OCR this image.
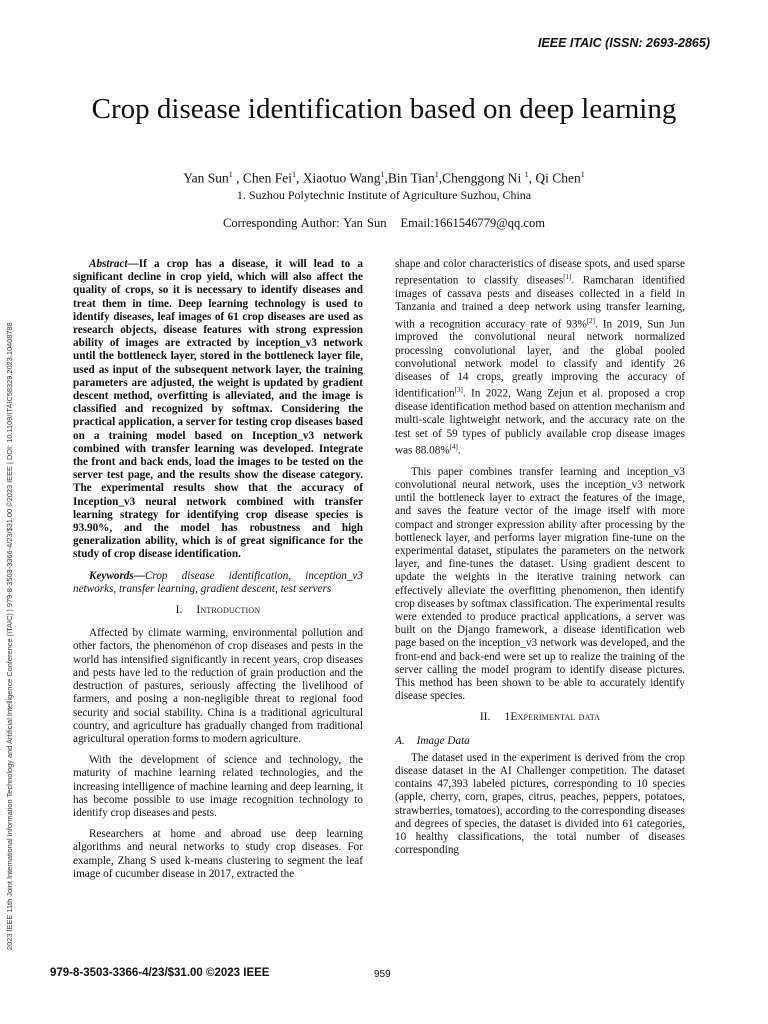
IEEE ITAIC (ISSN: 2693-2865)
Crop disease identification based on deep learning
Yan Sun$^1$ , Chen Fei$^1$, Xiaotuo Wang$^1$,Bin Tian$^1$,Chenggong Ni $^1$, Qi Chen$^1$
1. Suzhou Polytechnic Institute of Agriculture Suzhou, China
Corresponding Author: Yan Sun Email:1661546779@qq.com
2023 IEEE 11th Joint International Information Technology and Artificial Intelligence Conference (ITAIC) | 979-8-3503-3366-4/23/$31.00 ©2023 IEEE | DOI: 10.1109/ITAIC58329.2023.10408788

Abstract—If a crop has a disease, it will lead to a significant decline in crop yield, which will also affect the quality of crops, so it is necessary to identify diseases and treat them in time. Deep learning technology is used to identify diseases, leaf images of 61 crop diseases are used as research objects, disease features with strong expression ability of images are extracted by inception_v3 network until the bottleneck layer, stored in the bottleneck layer file, used as input of the subsequent network layer, the training parameters are adjusted, the weight is updated by gradient descent method, overfitting is alleviated, and the image is classified and recognized by softmax. Considering the practical application, a server for testing crop diseases based on a training model based on Inception_v3 network combined with transfer learning was developed. Integrate the front and back ends, load the images to be tested on the server test page, and the results show the disease category. The experimental results show that the accuracy of Inception_v3 neural network combined with transfer learning strategy for identifying crop disease species is 93.90%, and the model has robustness and high generalization ability, which is of great significance for the study of crop disease identification.

Keywords—Crop disease identification, inception_v3 networks, transfer learning, gradient descent, test servers

I. Introduction

Affected by climate warming, environmental pollution and other factors, the phenomenon of crop diseases and pests in the world has intensified significantly in recent years, crop diseases and pests have led to the reduction of grain production and the destruction of pastures, seriously affecting the livelihood of farmers, and posing a non-negligible threat to regional food security and social stability. China is a traditional agricultural country, and agriculture has gradually changed from traditional agricultural operation forms to modern agriculture.

With the development of science and technology, the maturity of machine learning related technologies, and the increasing intelligence of machine learning and deep learning, it has become possible to use image recognition technology to identify crop diseases and pests.

Researchers at home and abroad use deep learning algorithms and neural networks to study crop diseases. For example, Zhang S used k-means clustering to segment the leaf image of cucumber disease in 2017, extracted the

shape and color characteristics of disease spots, and used sparse representation to classify diseases[1]. Ramcharan identified images of cassava pests and diseases collected in a field in Tanzania and trained a deep network using transfer learning, with a recognition accuracy rate of 93%[2]. In 2019, Sun Jun improved the convolutional neural network normalized processing convolutional layer, and the global pooled convolutional network model to classify and identify 26 diseases of 14 crops, greatly improving the accuracy of identification[3]. In 2022, Wang Zejun et al. proposed a crop disease identification method based on attention mechanism and multi-scale lightweight network, and the accuracy rate on the test set of 59 types of publicly available crop disease images was 88.08%[4].

This paper combines transfer learning and inception_v3 convolutional neural network, uses the inception_v3 network until the bottleneck layer to extract the features of the image, and saves the feature vector of the image itself with more compact and stronger expression ability after processing by the bottleneck layer, and performs layer migration fine-tune on the experimental dataset, stipulates the parameters on the network layer, and fine-tunes the dataset. Using gradient descent to update the weights in the iterative training network can effectively alleviate the overfitting phenomenon, then identify crop diseases by softmax classification. The experimental results were extended to produce practical applications, a server was built on the Django framework, a disease identification web page based on the inception_v3 network was developed, and the front-end and back-end were set up to realize the training of the server calling the model program to identify disease pictures. This method has been shown to be able to accurately identify disease species.

II. 1Experimental data
A. Image Data

The dataset used in the experiment is derived from the crop disease dataset in the AI Challenger competition. The dataset contains 47,393 labeled pictures, corresponding to 10 species (apple, cherry, corn, grapes, citrus, peaches, peppers, potatoes, strawberries, tomatoes), according to the corresponding diseases and degrees of species, the dataset is divided into 61 categories, 10 healthy classifications, the total number of diseases corresponding

979-8-3503-3366-4/23/$31.00 ©2023 IEEE	959
